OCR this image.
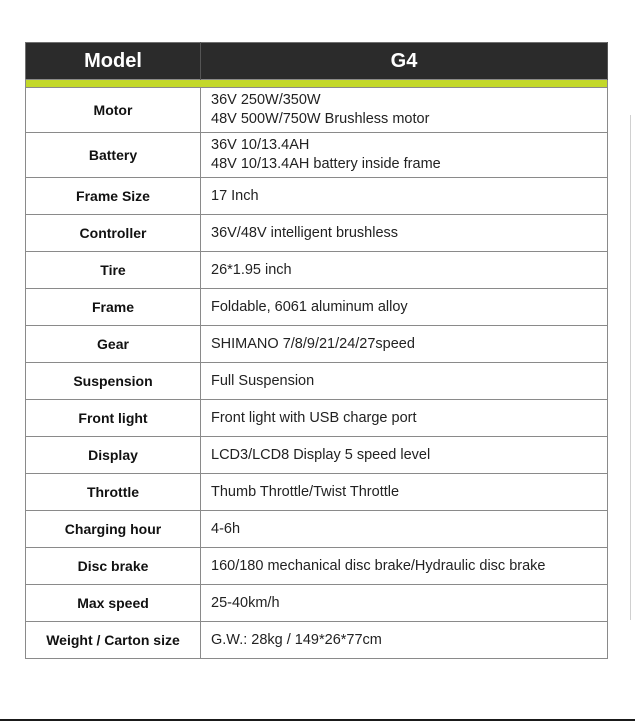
Model	G4

Motor	36V 250W/350W
48V 500W/750W Brushless motor

Battery	36V 10/13.4AH
48V 10/13.4AH battery inside frame

Frame Size	17 Inch
Controller	36V/48V intelligent brushless
Tire	26*1.95 inch
Frame	Foldable, 6061 aluminum alloy
Gear	SHIMANO 7/8/9/21/24/27speed
Suspension	Full Suspension
Front light	Front light with USB charge port
Display	LCD3/LCD8 Display 5 speed level
Throttle	Thumb Throttle/Twist Throttle
Charging hour	4-6h
Disc brake	160/180 mechanical disc brake/Hydraulic disc brake
Max speed	25-40km/h
Weight / Carton size	G.W.: 28kg / 149*26*77cm
